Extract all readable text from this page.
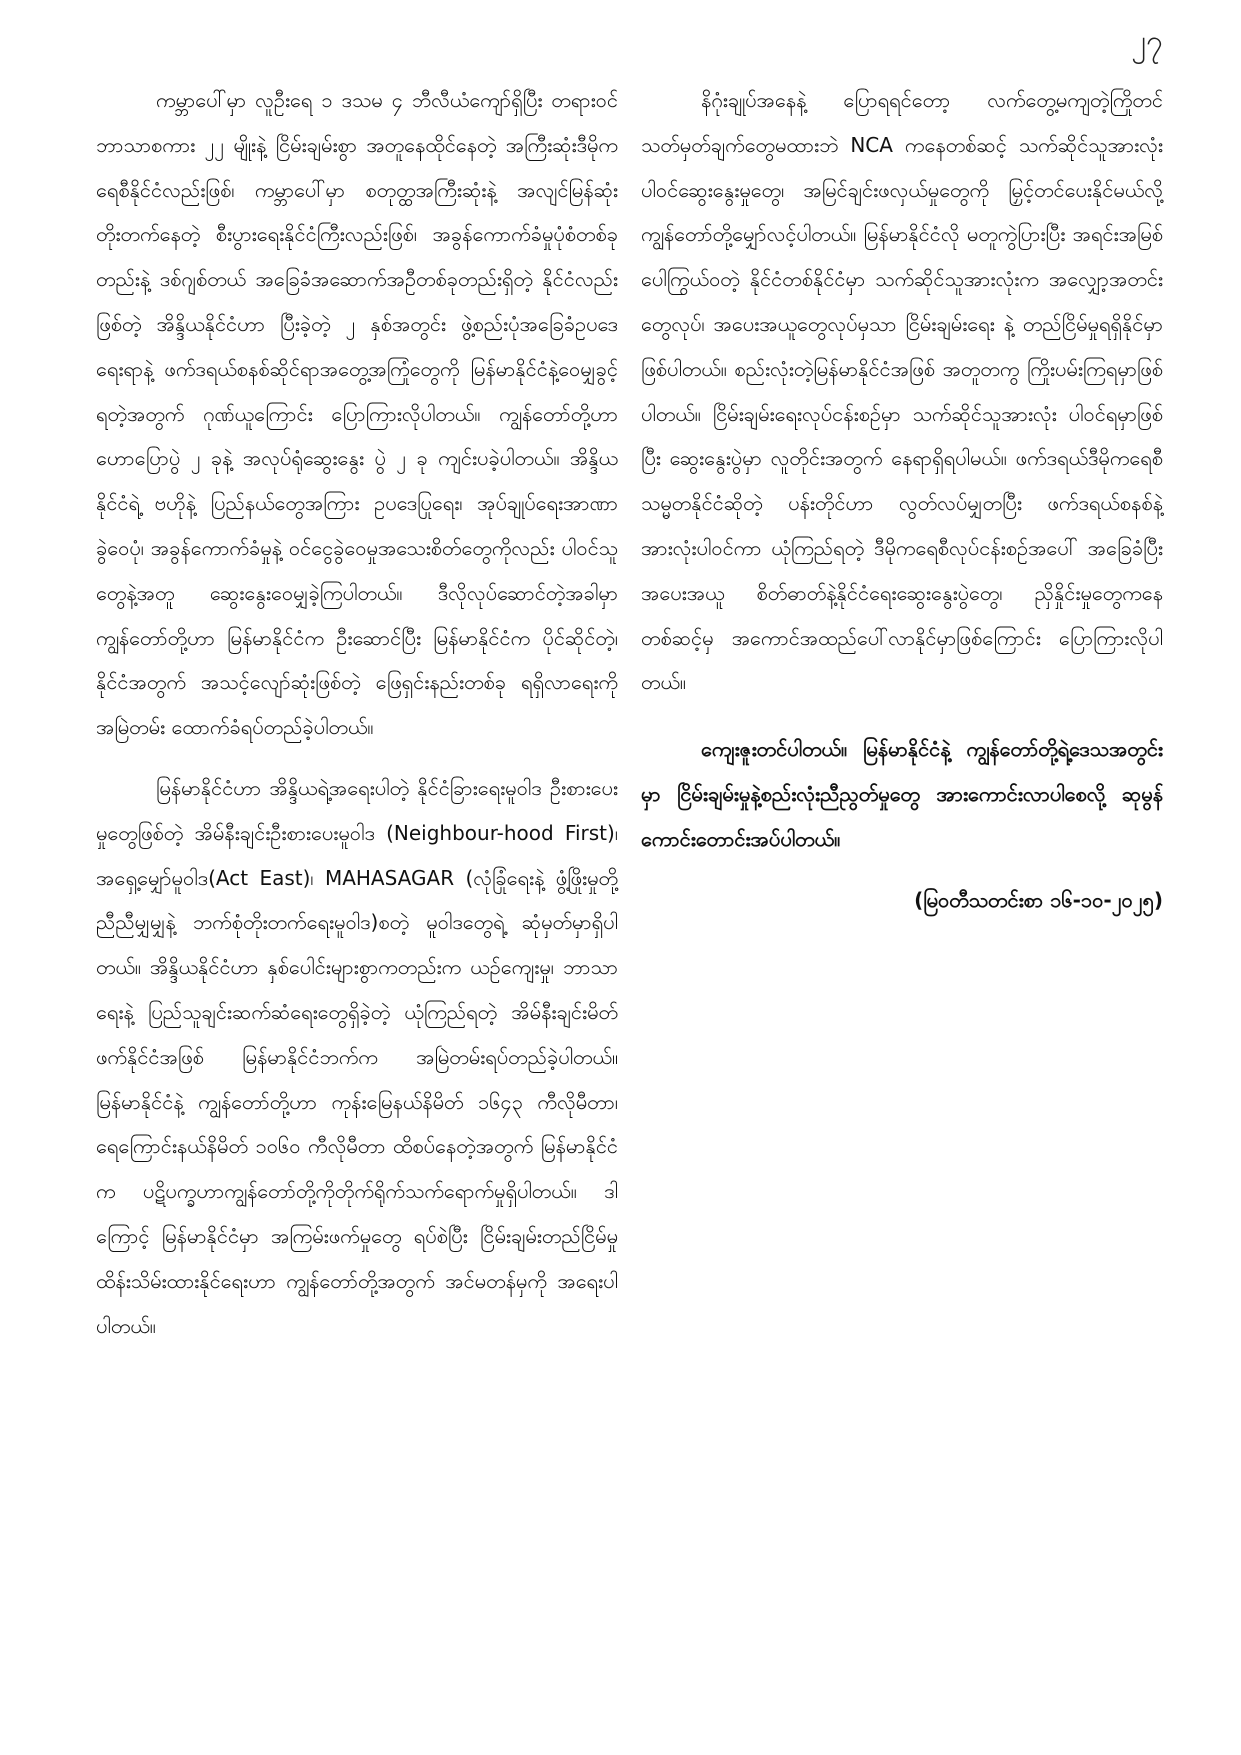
၂၇

ကမ္ဘာပေါ်မှာ လူဦးရေ ၁ ဒသမ ၄ ဘီလီယံကျော်ရှိပြီး တရားဝင်ဘာသာစကား ၂၂ မျိုးနဲ့ ငြိမ်းချမ်းစွာ အတူနေထိုင်နေတဲ့ အကြီးဆုံးဒီမိုကရေစီနိုင်ငံလည်းဖြစ်၊ ကမ္ဘာပေါ်မှာ စတုတ္ထအကြီးဆုံးနဲ့ အလျင်မြန်ဆုံးတိုးတက်နေတဲ့ စီးပွားရေးနိုင်ငံကြီးလည်းဖြစ်၊ အခွန်ကောက်ခံမှုပုံစံတစ်ခုတည်းနဲ့ ဒစ်ဂျစ်တယ် အခြေခံအဆောက်အဦတစ်ခုတည်းရှိတဲ့ နိုင်ငံလည်းဖြစ်တဲ့ အိန္ဒိယနိုင်ငံဟာ ပြီးခဲ့တဲ့ ၂ နှစ်အတွင်း ဖွဲ့စည်းပုံအခြေခံဥပဒေရေးရာနဲ့ ဖက်ဒရယ်စနစ်ဆိုင်ရာအတွေ့အကြုံတွေကို မြန်မာနိုင်ငံနဲ့ဝေမျှခွင့်ရတဲ့အတွက် ဂုဏ်ယူကြောင်း ပြောကြားလိုပါတယ်။ ကျွန်တော်တို့ဟာ ဟောပြောပွဲ ၂ ခုနဲ့ အလုပ်ရုံဆွေးနွေး ပွဲ ၂ ခု ကျင်းပခဲ့ပါတယ်။ အိန္ဒိယနိုင်ငံရဲ့ ဗဟိုနဲ့ ပြည်နယ်တွေအကြား ဥပဒေပြုရေး၊ အုပ်ချုပ်ရေးအာဏာခွဲဝေပုံ၊ အခွန်ကောက်ခံမှုနဲ့ ဝင်ငွေခွဲဝေမှုအသေးစိတ်တွေကိုလည်း ပါဝင်သူတွေနဲ့အတူ ဆွေးနွေးဝေမျှခဲ့ကြပါတယ်။ ဒီလိုလုပ်ဆောင်တဲ့အခါမှာ ကျွန်တော်တို့ဟာ မြန်မာနိုင်ငံက ဦးဆောင်ပြီး မြန်မာနိုင်ငံက ပိုင်ဆိုင်တဲ့၊ နိုင်ငံအတွက် အသင့်လျော်ဆုံးဖြစ်တဲ့ ဖြေရှင်းနည်းတစ်ခု ရရှိလာရေးကို အမြဲတမ်း ထောက်ခံရပ်တည်ခဲ့ပါတယ်။

မြန်မာနိုင်ငံဟာ အိန္ဒိယရဲ့အရေးပါတဲ့ နိုင်ငံခြားရေးမူဝါဒ ဦးစားပေးမှုတွေဖြစ်တဲ့ အိမ်နီးချင်းဦးစားပေးမူဝါဒ (Neighbour-hood First)၊ အရှေ့မျှော်မူဝါဒ(Act East)၊ MAHASAGAR (လုံခြုံရေးနဲ့ ဖွံ့ဖြိုးမှုတို့ ညီညီမျှမျှနဲ့ ဘက်စုံတိုးတက်ရေးမူဝါဒ)စတဲ့ မူဝါဒတွေရဲ့ ဆုံမှတ်မှာရှိပါတယ်။ အိန္ဒိယနိုင်ငံဟာ နှစ်ပေါင်းများစွာကတည်းက ယဉ်ကျေးမှု၊ ဘာသာရေးနဲ့ ပြည်သူချင်းဆက်ဆံရေးတွေရှိခဲ့တဲ့ ယုံကြည်ရတဲ့ အိမ်နီးချင်းမိတ်ဖက်နိုင်ငံအဖြစ် မြန်မာနိုင်ငံဘက်က အမြဲတမ်းရပ်တည်ခဲ့ပါတယ်။ မြန်မာနိုင်ငံနဲ့ ကျွန်တော်တို့ဟာ ကုန်းမြေနယ်နိမိတ် ၁၆၄၃ ကီလိုမီတာ၊ ရေကြောင်းနယ်နိမိတ် ၁၀၆၀ ကီလိုမီတာ ထိစပ်နေတဲ့အတွက် မြန်မာနိုင်ငံက ပဋိပက္ခဟာကျွန်တော်တို့ကိုတိုက်ရိုက်သက်ရောက်မှုရှိပါတယ်။ ဒါကြောင့် မြန်မာနိုင်ငံမှာ အကြမ်းဖက်မှုတွေ ရပ်စဲပြီး ငြိမ်းချမ်းတည်ငြိမ်မှု ထိန်းသိမ်းထားနိုင်ရေးဟာ ကျွန်တော်တို့အတွက် အင်မတန်မှကို အရေးပါပါတယ်။

နိဂုံးချုပ်အနေနဲ့ ပြောရရင်တော့ လက်တွေ့မကျတဲ့ကြိုတင်သတ်မှတ်ချက်တွေမထားဘဲ NCA ကနေတစ်ဆင့် သက်ဆိုင်သူအားလုံး ပါဝင်ဆွေးနွေးမှုတွေ၊ အမြင်ချင်းဖလှယ်မှုတွေကို မြှင့်တင်ပေးနိုင်မယ်လို့ ကျွန်တော်တို့မျှော်လင့်ပါတယ်။ မြန်မာနိုင်ငံလို မတူကွဲပြားပြီး အရင်းအမြစ်ပေါကြွယ်ဝတဲ့ နိုင်ငံတစ်နိုင်ငံမှာ သက်ဆိုင်သူအားလုံးက အလျှော့အတင်းတွေလုပ်၊ အပေးအယူတွေလုပ်မှသာ ငြိမ်းချမ်းရေး နဲ့ တည်ငြိမ်မှုရရှိနိုင်မှာ ဖြစ်ပါတယ်။ စည်းလုံးတဲ့မြန်မာနိုင်ငံအဖြစ် အတူတကွ ကြိုးပမ်းကြရမှာဖြစ်ပါတယ်။ ငြိမ်းချမ်းရေးလုပ်ငန်းစဉ်မှာ သက်ဆိုင်သူအားလုံး ပါဝင်ရမှာဖြစ်ပြီး ဆွေးနွေးပွဲမှာ လူတိုင်းအတွက် နေရာရှိရပါမယ်။ ဖက်ဒရယ်ဒီမိုကရေစီသမ္မတနိုင်ငံဆိုတဲ့ ပန်းတိုင်ဟာ လွတ်လပ်မျှတပြီး ဖက်ဒရယ်စနစ်နဲ့ အားလုံးပါဝင်ကာ ယုံကြည်ရတဲ့ ဒီမိုကရေစီလုပ်ငန်းစဉ်အပေါ် အခြေခံပြီး အပေးအယူ စိတ်ဓာတ်နဲ့နိုင်ငံရေးဆွေးနွေးပွဲတွေ၊ ညှိနှိုင်းမှုတွေကနေတစ်ဆင့်မှ အကောင်အထည်ပေါ်လာနိုင်မှာဖြစ်ကြောင်း ပြောကြားလိုပါတယ်။

ကျေးဇူးတင်ပါတယ်။ မြန်မာနိုင်ငံနဲ့ ကျွန်တော်တို့ရဲ့ဒေသအတွင်းမှာ ငြိမ်းချမ်းမှုနဲ့စည်းလုံးညီညွတ်မှုတွေ အားကောင်းလာပါစေလို့ ဆုမွန်ကောင်းတောင်းအပ်ပါတယ်။

(မြဝတီသတင်းစာ ၁၆-၁၀-၂၀၂၅)
